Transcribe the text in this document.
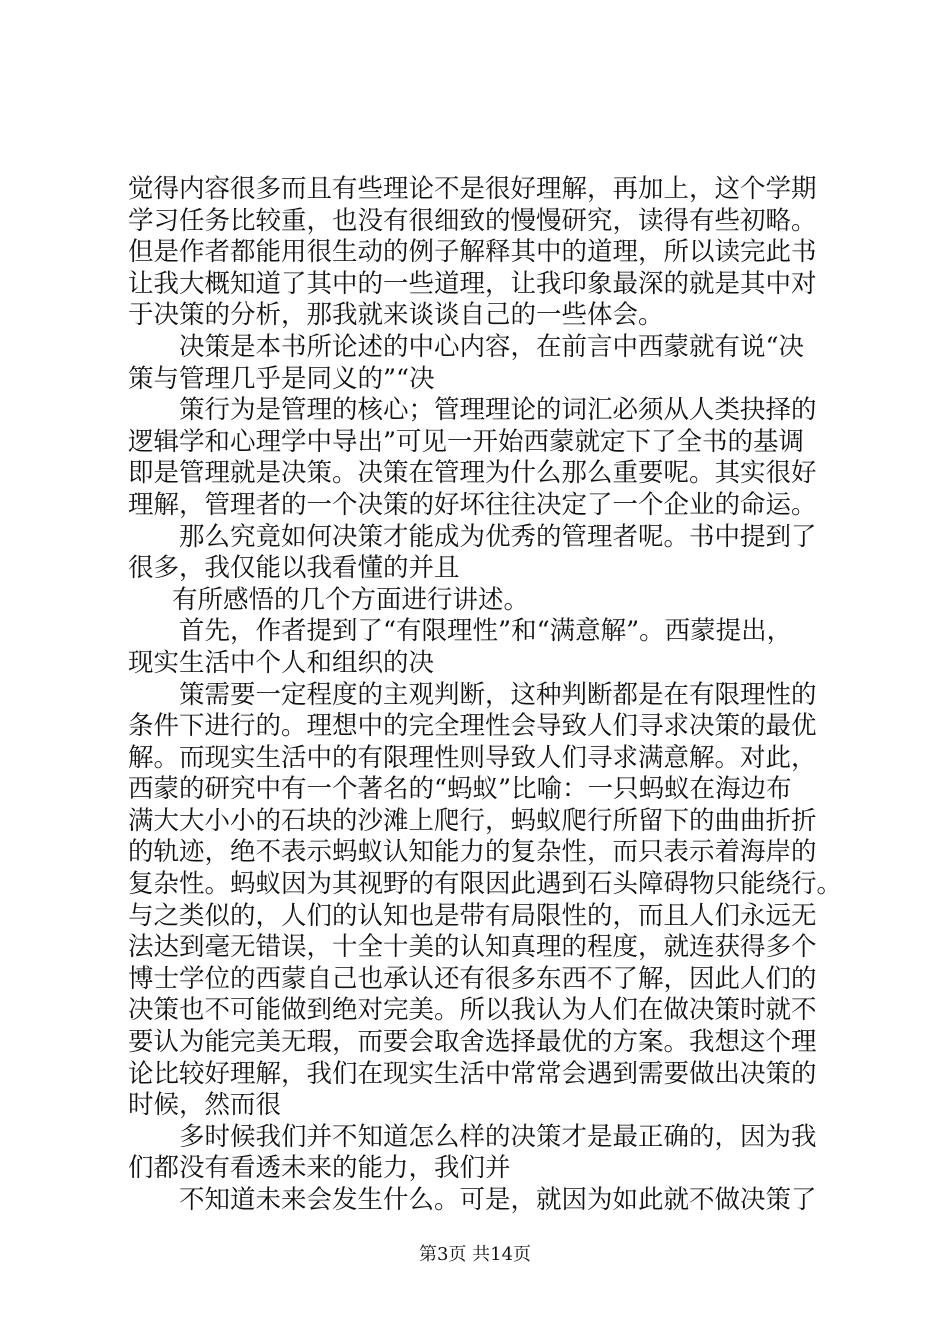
觉得内容很多而且有些理论不是很好理解，再加上，这个学期
学习任务比较重，也没有很细致的慢慢研究，读得有些初略。
但是作者都能用很生动的例子解释其中的道理，所以读完此书
让我大概知道了其中的一些道理，让我印象最深的就是其中对
于决策的分析，那我就来谈谈自己的一些体会。
决策是本书所论述的中心内容，在前言中西蒙就有说“决
策与管理几乎是同义的”“决
策行为是管理的核心；管理理论的词汇必须从人类抉择的
逻辑学和心理学中导出”可见一开始西蒙就定下了全书的基调
即是管理就是决策。决策在管理为什么那么重要呢。其实很好
理解，管理者的一个决策的好坏往往决定了一个企业的命运。
那么究竟如何决策才能成为优秀的管理者呢。书中提到了
很多，我仅能以我看懂的并且
有所感悟的几个方面进行讲述。
首先，作者提到了“有限理性”和“满意解”。西蒙提出，
现实生活中个人和组织的决
策需要一定程度的主观判断，这种判断都是在有限理性的
条件下进行的。理想中的完全理性会导致人们寻求决策的最优
解。而现实生活中的有限理性则导致人们寻求满意解。对此，
西蒙的研究中有一个著名的“蚂蚁”比喻：一只蚂蚁在海边布
满大大小小的石块的沙滩上爬行，蚂蚁爬行所留下的曲曲折折
的轨迹，绝不表示蚂蚁认知能力的复杂性，而只表示着海岸的
复杂性。蚂蚁因为其视野的有限因此遇到石头障碍物只能绕行。
与之类似的，人们的认知也是带有局限性的，而且人们永远无
法达到毫无错误，十全十美的认知真理的程度，就连获得多个
博士学位的西蒙自己也承认还有很多东西不了解，因此人们的
决策也不可能做到绝对完美。所以我认为人们在做决策时就不
要认为能完美无瑕，而要会取舍选择最优的方案。我想这个理
论比较好理解，我们在现实生活中常常会遇到需要做出决策的
时候，然而很
多时候我们并不知道怎么样的决策才是最正确的，因为我
们都没有看透未来的能力，我们并
不知道未来会发生什么。可是，就因为如此就不做决策了
第3页 共14页
